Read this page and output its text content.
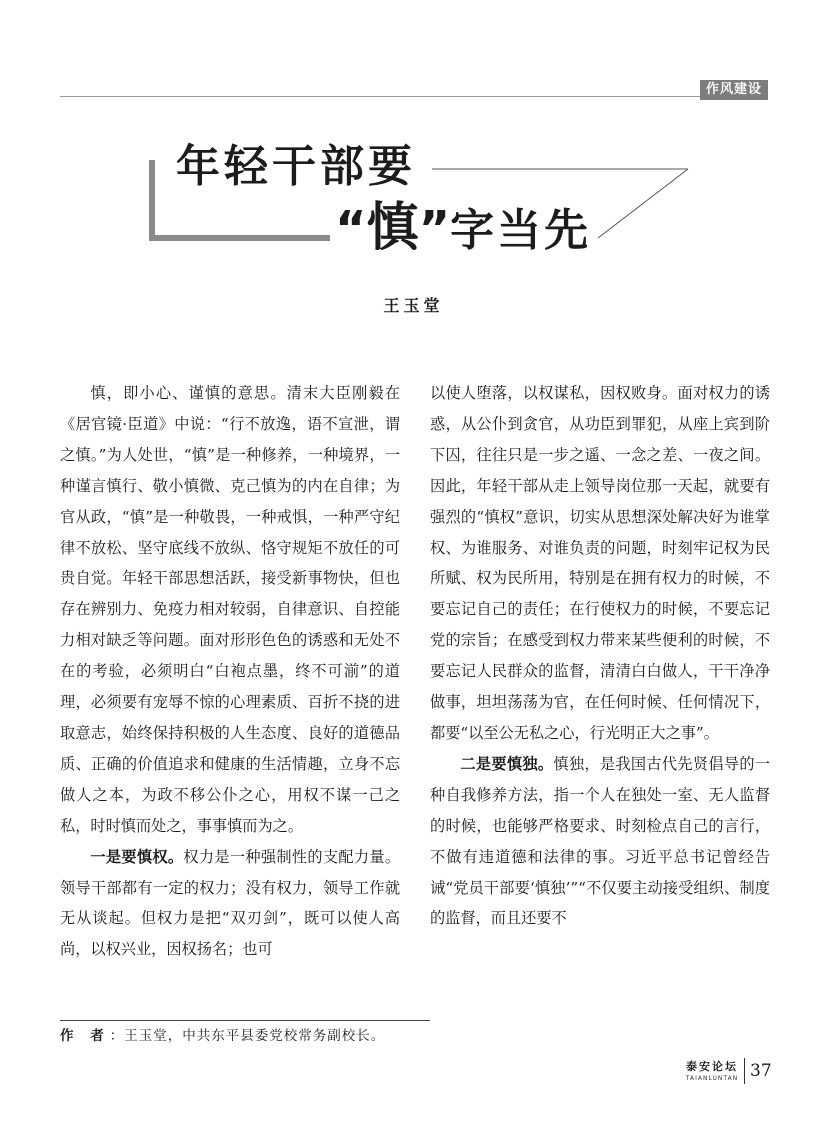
作风建设
年轻干部要
“慎”字当先
王玉堂

慎，即小心、谨慎的意思。清末大臣刚毅在《居官镜·臣道》中说：“行不放逸，语不宣泄，谓之慎。”为人处世，“慎”是一种修养，一种境界，一种谨言慎行、敬小慎微、克己慎为的内在自律；为官从政，“慎”是一种敬畏，一种戒惧，一种严守纪律不放松、坚守底线不放纵、恪守规矩不放任的可贵自觉。年轻干部思想活跃，接受新事物快，但也存在辨别力、免疫力相对较弱，自律意识、自控能力相对缺乏等问题。面对形形色色的诱惑和无处不在的考验，必须明白“白袍点墨，终不可湔”的道理，必须要有宠辱不惊的心理素质、百折不挠的进取意志，始终保持积极的人生态度、良好的道德品质、正确的价值追求和健康的生活情趣，立身不忘做人之本，为政不移公仆之心，用权不谋一己之私，时时慎而处之，事事慎而为之。

一是要慎权。权力是一种强制性的支配力量。领导干部都有一定的权力；没有权力，领导工作就无从谈起。但权力是把“双刃剑”，既可以使人高尚，以权兴业，因权扬名；也可

以使人堕落，以权谋私，因权败身。面对权力的诱惑，从公仆到贪官，从功臣到罪犯，从座上宾到阶下囚，往往只是一步之遥、一念之差、一夜之间。因此，年轻干部从走上领导岗位那一天起，就要有强烈的“慎权”意识，切实从思想深处解决好为谁掌权、为谁服务、对谁负责的问题，时刻牢记权为民所赋、权为民所用，特别是在拥有权力的时候，不要忘记自己的责任；在行使权力的时候，不要忘记党的宗旨；在感受到权力带来某些便利的时候，不要忘记人民群众的监督，清清白白做人，干干净净做事，坦坦荡荡为官，在任何时候、任何情况下，都要“以至公无私之心，行光明正大之事”。

二是要慎独。慎独，是我国古代先贤倡导的一种自我修养方法，指一个人在独处一室、无人监督的时候，也能够严格要求、时刻检点自己的言行，不做有违道德和法律的事。习近平总书记曾经告诫“党员干部要‘慎独’”“不仅要主动接受组织、制度的监督，而且还要不

作 者：王玉堂，中共东平县委党校常务副校长。
泰安论坛
TAIANLUNTAN 37
